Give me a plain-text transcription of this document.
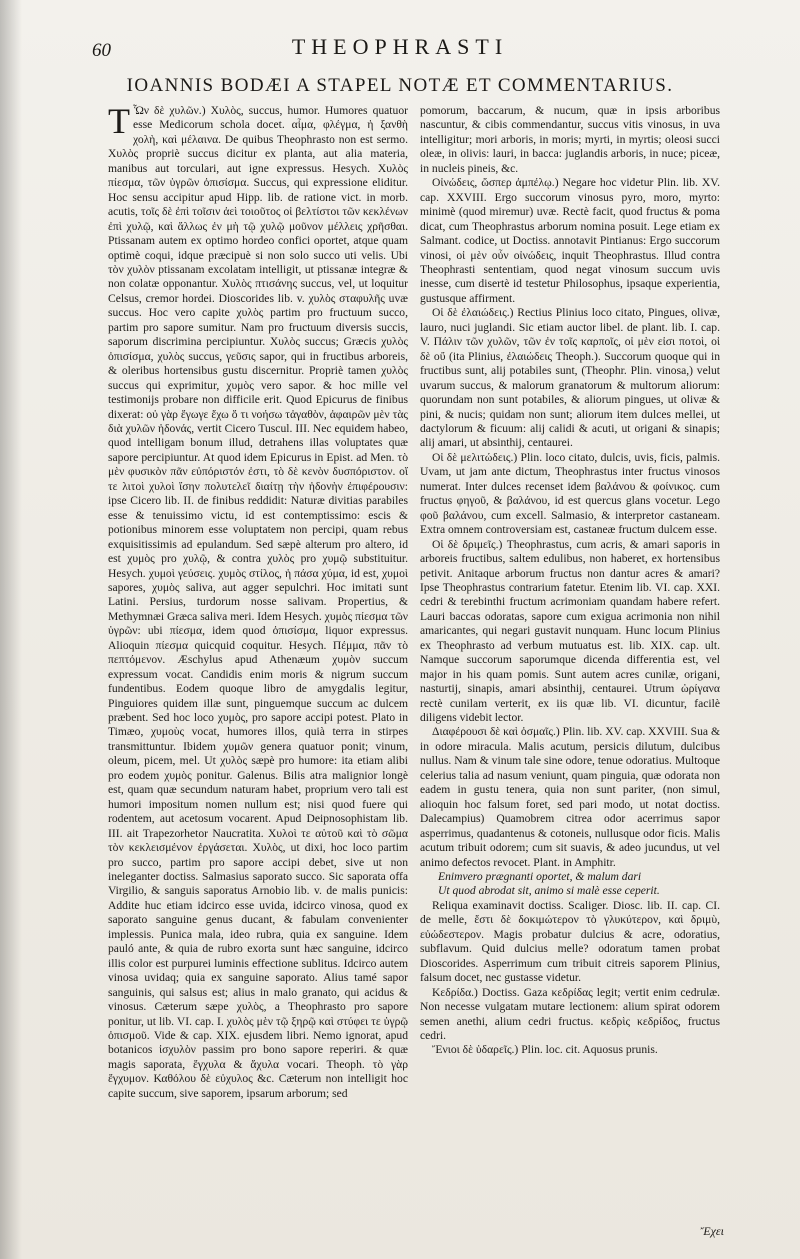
60	THEOPHRASTI
IOANNIS BODÆI A STAPEL NOTÆ ET COMMENTARIUS.
T Ὧν δὲ χυλῶν.) Χυλὸς, succus, humor. Humores quatuor esse Medicorum schola docet. αἷμα, φλέγμα, ἡ ξανθὴ χολὴ, καὶ μέλαινα. De quibus Theophrasto non est sermo. Χυλὸς propriè succus dicitur ex planta, aut alia materia, manibus aut torculari, aut igne expressus. Hesych. Χυλὸς πίεσμα, τῶν ὑγρῶν ὀπισίσμα. Succus, qui expressione eliditur. Hoc sensu accipitur apud Hipp. lib. de ratione vict. in morb. acutis, τοῖς δὲ ἐπὶ τοῖσιν ἀεὶ τοιοῦτος οἱ βελτίστοι τῶν κεκλένων ἐπὶ χυλῷ, καὶ ἄλλως ἐν μὴ τῷ χυλῷ μοῦνον μέλλεις χρῆσθαι. Ptissanam autem ex optimo hordeo confici oportet, atque quam optimè coqui, idque præcipuè si non solo succo uti velis. Ubi τὸν χυλὸν ptissanam excolatam intelligit, ut ptissanæ integræ & non colatæ opponantur. Χυλὸς πτισάνης succus, vel, ut loquitur Celsus, cremor hordei. Dioscorides lib. v. χυλὸς σταφυλῆς uvæ succus. Hoc vero capite χυλὸς partim pro fructuum succo, partim pro sapore sumitur. Nam pro fructuum diversis succis, saporum discrimina percipiuntur. Χυλὸς succus; Græcis χυλὸς ὀπισίσμα, χυλὸς succus, γεῦσις sapor, qui in fructibus arboreis, & oleribus hortensibus gustu discernitur. Propriè tamen χυλὸς succus qui exprimitur, χυμὸς vero sapor. & hoc mille vel testimonijs probare non difficile erit. Quod Epicurus de finibus dixerat: οὐ γὰρ ἔγωγε ἔχω ὅ τι νοήσω τἀγαθὸν, ἀφαιρῶν μὲν τὰς διὰ χυλῶν ἡδονάς, vertit Cicero Tuscul. III. Nec equidem habeo, quod intelligam bonum illud, detrahens illas voluptates quæ sapore percipiuntur. At quod idem Epicurus in Epist. ad Men. τὸ μὲν φυσικὸν πᾶν εὐπόριστόν ἐστι, τὸ δὲ κενὸν δυσπόριστον. οἵ τε λιτοὶ χυλοὶ ἴσην πολυτελεῖ διαίτῃ τὴν ἡδονὴν ἐπιφέρουσιν: ipse Cicero lib. II. de finibus reddidit: Naturæ divitias parabiles esse & tenuissimo victu, id est contemptissimo: escis & potionibus minorem esse voluptatem non percipi, quam rebus exquisitissimis ad epulandum. Sed sæpè alterum pro altero, id est χυμὸς pro χυλῷ, & contra χυλὸς pro χυμῷ substituitur. Hesych. χυμοὶ γεύσεις. χυμὸς στίλος, ἡ πάσα χύμα, id est, χυμοὶ sapores, χυμὸς saliva, aut agger sepulchri. Hoc imitati sunt Latini. Persius, turdorum nosse salivam. Propertius, & Methymnæi Græca saliva meri. Idem Hesych. χυμὸς πίεσμα τῶν ὑγρῶν: ubi πίεσμα, idem quod ὀπισίσμα, liquor expressus. Alioquin πίεσμα quicquid coquitur. Hesych. Πέμμα, πᾶν τὸ πεπτόμενον. Æschylus apud Athenæum χυμὸν succum expressum vocat. Candidis enim moris & nigrum succum fundentibus. Eodem quoque libro de amygdalis legitur, Pinguiores quidem illæ sunt, pinguemque succum ac dulcem præbent. Sed hoc loco χυμὸς, pro sapore accipi potest. Plato in Timæo, χυμοὺς vocat, humores illos, quià terra in stirpes transmittuntur. Ibidem χυμῶν genera quatuor ponit; vinum, oleum, picem, mel. Ut χυλὸς sæpè pro humore: ita etiam alibi pro eodem χυμὸς ponitur. Galenus. Bilis atra malignior longè est, quam quæ secundum naturam habet, proprium vero tali est humori impositum nomen nullum est; nisi quod fuere qui rodentem, aut acetosum vocarent. Apud Deipnosophistam lib. III. ait Trapezorhetor Naucratita. Χυλοὶ τε αὐτοῦ καὶ τὸ σῶμα τὸν κεκλεισμένον ἐργάσεται. Χυλὸς, ut dixi, hoc loco partim pro succo, partim pro sapore accipi debet, sive ut non ineleganter doctiss. Salmasius saporato succo. Sic saporata offa Virgilio, & sanguis saporatus Arnobio lib. v. de malis punicis: Addite huc etiam idcirco esse uvida, idcirco vinosa, quod ex saporato sanguine genus ducant, & fabulam convenienter implessis. Punica mala, ideo rubra, quia ex sanguine. Idem pauló ante, & quia de rubro exorta sunt hæc sanguine, idcirco illis color est purpurei luminis effectione sublitus. Idcirco autem vinosa uvidaq; quia ex sanguine saporato. Alius tamé sapor sanguinis, qui salsus est; alius in malo granato, qui acidus & vinosus. Cæterum sæpe χυλὸς, a Theophrasto pro sapore ponitur, ut lib. VI. cap. I. χυλὸς μὲν τῷ ξηρῷ καὶ στύφει τε ὑγρῷ ὀπισμοῦ. Vide & cap. XIX. ejusdem libri. Nemo ignorat, apud botanicos ἰσχυλὸν passim pro bono sapore reperiri. & quæ magis saporata, ἔγχυλα & ἄχυλα vocari. Theoph. τὸ γὰρ ἔγχυμον. Καθόλου δὲ εὐχυλος &c. Cæterum non intelligit hoc capite succum, sive saporem, ipsarum arborum; sed

pomorum, baccarum, & nucum, quæ in ipsis arboribus nascuntur, & cibis commendantur, succus vitis vinosus, in uva intelligitur; mori arboris, in moris; myrti, in myrtis; oleosi succi oleæ, in olivis: lauri, in bacca: juglandis arboris, in nuce; piceæ, in nucleis pineis, &c.

Οἰνώδεις, ὥσπερ ἀμπέλῳ.) Negare hoc videtur Plin. lib. XV. cap. XXVIII. Ergo succorum vinosus pyro, moro, myrto: minimè (quod miremur) uvæ. Rectè facit, quod fructus & poma dicat, cum Theophrastus arborum nomina posuit. Lege etiam ex Salmant. codice, ut Doctiss. annotavit Pintianus: Ergo succorum vinosi, οἱ μὲν οὖν οἰνώδεις, inquit Theophrastus. Illud contra Theophrasti sententiam, quod negat vinosum succum uvis inesse, cum disertè id testetur Philosophus, ipsaque experientia, gustusque affirment.

Οἱ δὲ ἐλαιώδεις.) Rectius Plinius loco citato, Pingues, olivæ, lauro, nuci juglandi. Sic etiam auctor libel. de plant. lib. I. cap. V. Πάλιν τῶν χυλῶν, τῶν ἐν τοῖς καρποῖς, οἱ μὲν εἰσι ποτοὶ, οἱ δὲ οὔ (ita Plinius, ἐλαιώδεις Theoph.). Succorum quoque qui in fructibus sunt, alij potabiles sunt, (Theophr. Plin. vinosa,) velut uvarum succus, & malorum granatorum & multorum aliorum: quorundam non sunt potabiles, & aliorum pingues, ut olivæ & pini, & nucis; quidam non sunt; aliorum item dulces mellei, ut dactylorum & ficuum: alij calidi & acuti, ut origani & sinapis; alij amari, ut absinthij, centaurei.

Οἱ δὲ μελιτώδεις.) Plin. loco citato, dulcis, uvis, ficis, palmis. Uvam, ut jam ante dictum, Theophrastus inter fructus vinosos numerat. Inter dulces recenset idem βαλάνου & φοίνικος. cum fructus φηγοῦ, & βαλάνου, id est quercus glans vocetur. Lego φοῦ βαλάνου, cum excell. Salmasio, & interpretor castaneam. Extra omnem controversiam est, castaneæ fructum dulcem esse.

Οἱ δὲ δριμεῖς.) Theophrastus, cum acris, & amari saporis in arboreis fructibus, saltem edulibus, non haberet, ex hortensibus petivit. Anitaque arborum fructus non dantur acres & amari? Ipse Theophrastus contrarium fatetur. Etenim lib. VI. cap. XXI. cedri & terebinthi fructum acrimoniam quandam habere refert. Lauri baccas odoratas, sapore cum exigua acrimonia non nihil amaricantes, qui negari gustavit nunquam. Hunc locum Plinius ex Theophrasto ad verbum mutuatus est. lib. XIX. cap. ult. Namque succorum saporumque dicenda differentia est, vel major in his quam pomis. Sunt autem acres cunilæ, origani, nasturtij, sinapis, amari absinthij, centaurei. Utrum ὠρίγανα rectè cunilam verterit, ex iis quæ lib. VI. dicuntur, facilè diligens videbit lector.

Διαφέρουσι δὲ καὶ ὀσμαῖς.) Plin. lib. XV. cap. XXVIII. Sua & in odore miracula. Malis acutum, persicis dilutum, dulcibus nullus. Nam & vinum tale sine odore, tenue odoratius. Multoque celerius talia ad nasum veniunt, quam pinguia, quæ odorata non eadem in gustu tenera, quia non sunt pariter, (non simul, alioquin hoc falsum foret, sed pari modo, ut notat doctiss. Dalecampius) Quamobrem citrea odor acerrimus sapor asperrimus, quadantenus & cotoneis, nullusque odor ficis. Malis acutum tribuit odorem; cum sit suavis, & adeo jucundus, ut vel animo defectos revocet. Plant. in Amphitr.

Enimvero prægnanti oportet, & malum dari

Ut quod abrodat sit, animo si malè esse ceperit.

Reliqua examinavit doctiss. Scaliger. Diosc. lib. II. cap. CI. de melle, ἔστι δὲ δοκιμώτερον τὸ γλυκύτερον, καὶ δριμὺ, εὐώδεστερον. Magis probatur dulcius & acre, odoratius, subflavum. Quid dulcius melle? odoratum tamen probat Dioscorides. Asperrimum cum tribuit citreis saporem Plinius, falsum docet, nec gustasse videtur.

Κεδρίδα.) Doctiss. Gaza κεδρίδας legit; vertit enim cedrulæ. Non necesse vulgatam mutare lectionem: alium spirat odorem semen anethi, alium cedri fructus. κεδρὶς κεδρίδος, fructus cedri.

Ἔνιοι δὲ ὑδαρεῖς.) Plin. loc. cit. Aquosus prunis.

Ἔχει
